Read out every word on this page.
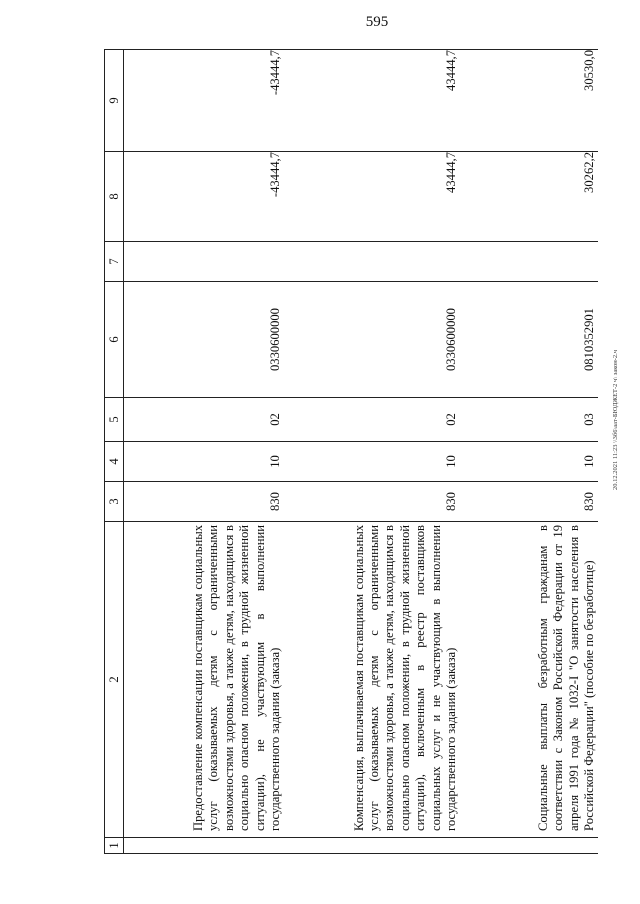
595
20.12.2021 11:23 \\3б6\аат-БЮДЖЕТ-2 ч\ закон-2.ч
1	2	3	4	5	6	7	8	9

	Предоставление компенсации поставщикам социальных услуг (оказываемых детям с ограниченными возможностями здоровья, а также детям, находящимся в социально опасном положении, в трудной жизненной ситуации), не участвующим в выполнении государственного задания (заказа)	830	10	02	0330600000		-43444,7	-43444,7

	Компенсация, выплачиваемая поставщикам социальных услуг (оказываемых детям с ограниченными возможностями здоровья, а также детям, находящимся в социально опасном положении, в трудной жизненной ситуации), включенным в реестр поставщиков социальных услуг и не участвующим в выполнении государственного задания (заказа)	830	10	02	0330600000		43444,7	43444,7

	Социальные выплаты безработным гражданам в соответствии с Законом Российской Федерации от 19 апреля 1991 года № 1032-I "О занятости населения в Российской Федерации" (пособие по безработице)	830	10	03	0810352901		30262,2	30530,0
